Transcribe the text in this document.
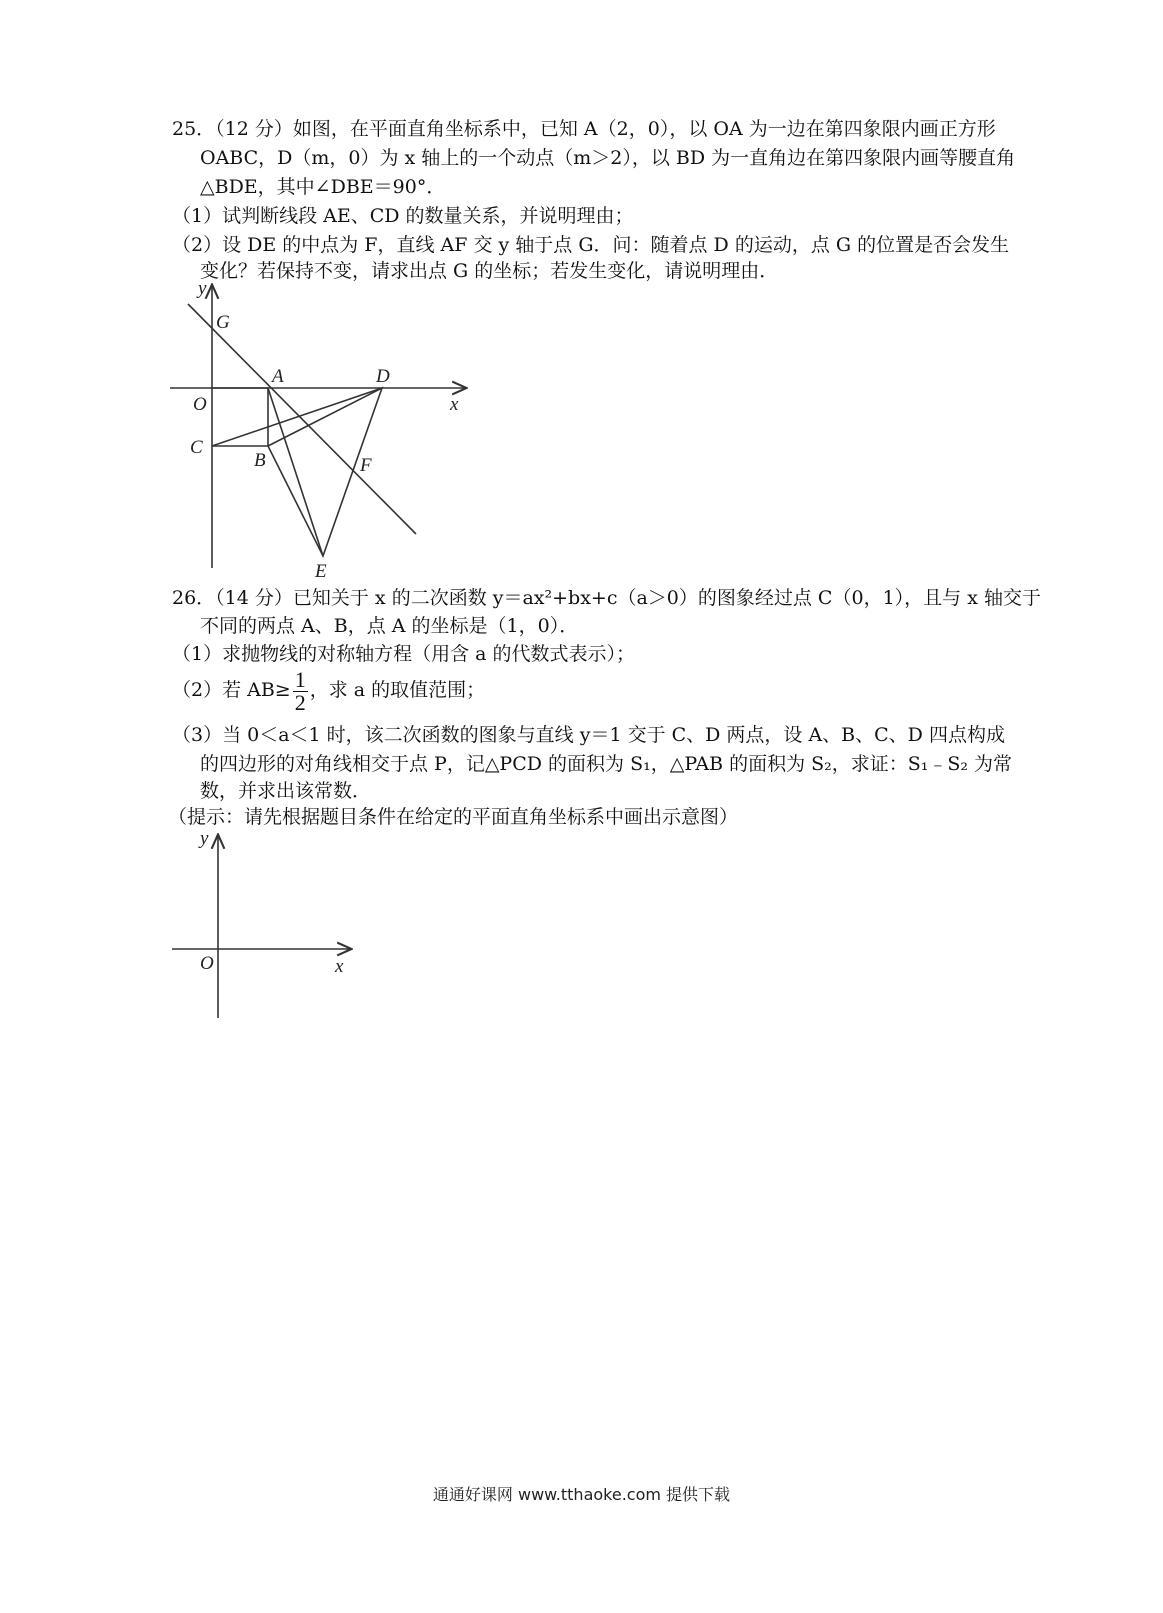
25．（12 分）如图，在平面直角坐标系中，已知 A（2，0），以 OA 为一边在第四象限内画正方形
OABC，D（m，0）为 x 轴上的一个动点（m＞2），以 BD 为一直角边在第四象限内画等腰直角
△BDE，其中∠DBE＝90°．
（1）试判断线段 AE、CD 的数量关系，并说明理由；
（2）设 DE 的中点为 F，直线 AF 交 y 轴于点 G．问：随着点 D 的运动，点 G 的位置是否会发生
变化？若保持不变，请求出点 G 的坐标；若发生变化，请说明理由．
y
x
O
G
A	D
C
B	F
E
26．（14 分）已知关于 x 的二次函数 y＝ax²+bx+c（a＞0）的图象经过点 C（0，1），且与 x 轴交于
不同的两点 A、B，点 A 的坐标是（1，0）．
（1）求抛物线的对称轴方程（用含 a 的代数式表示）；
（2）若 $AB\ge \frac{1}{2}$ ，求 a 的取值范围；
（3）当 0＜a＜1 时，该二次函数的图象与直线 y＝1 交于 C、D 两点，设 A、B、C、D 四点构成
的四边形的对角线相交于点 P，记△PCD 的面积为 S₁，△PAB 的面积为 S₂，求证：S₁﹣S₂ 为常
数，并求出该常数．
（提示：请先根据题目条件在给定的平面直角坐标系中画出示意图）
y
x
O
通通好课网 www.tthaoke.com 提供下载
